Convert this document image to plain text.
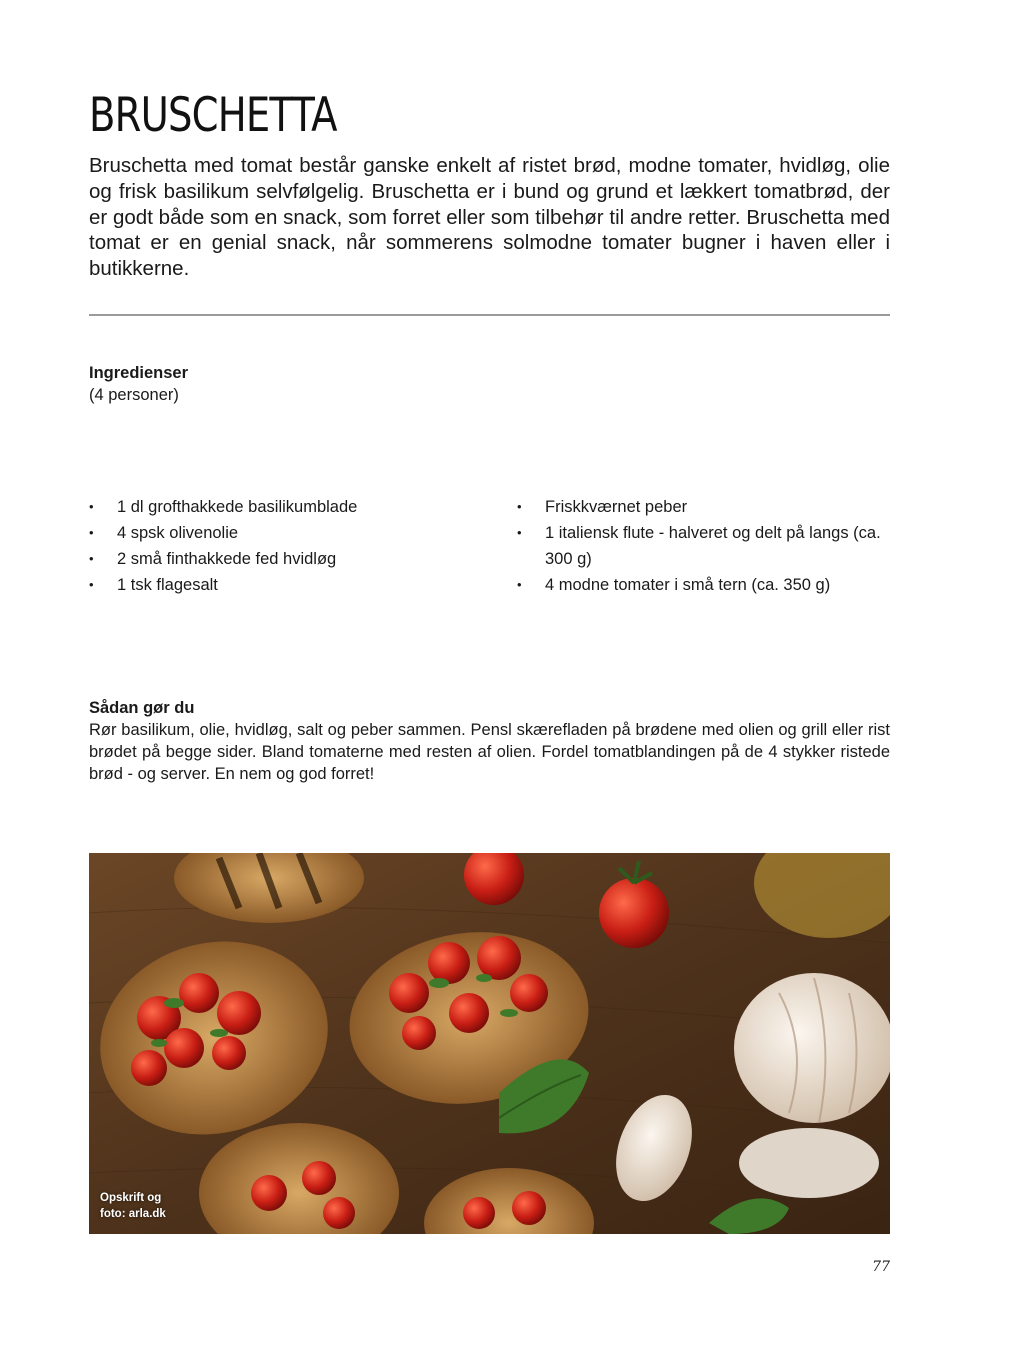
BRUSCHETTA

Bruschetta med tomat består ganske enkelt af ristet brød, modne tomater, hvidløg, olie og frisk basilikum selvfølgelig. Bruschetta er i bund og grund et lækkert tomatbrød, der er godt både som en snack, som forret eller som tilbehør til andre retter. Bruschetta med tomat er en genial snack, når sommerens solmodne tomater bugner i haven eller i butikkerne.

Ingredienser
(4 personer)
• 1 dl grofthakkede basilikumblade
• 4 spsk olivenolie
• 2 små finthakkede fed hvidløg
• 1 tsk flagesalt
• Friskkværnet peber
• 1 italiensk flute - halveret og delt på langs (ca. 300 g)
• 4 modne tomater i små tern (ca. 350 g)
Sådan gør du
Rør basilikum, olie, hvidløg, salt og peber sammen. Pensl skærefladen på brødene med olien og grill eller rist brødet på begge sider. Bland tomaterne med resten af olien. Fordel tomatblandingen på de 4 stykker ristede brød - og server. En nem og god forret!
Opskrift og
foto: arla.dk
77
